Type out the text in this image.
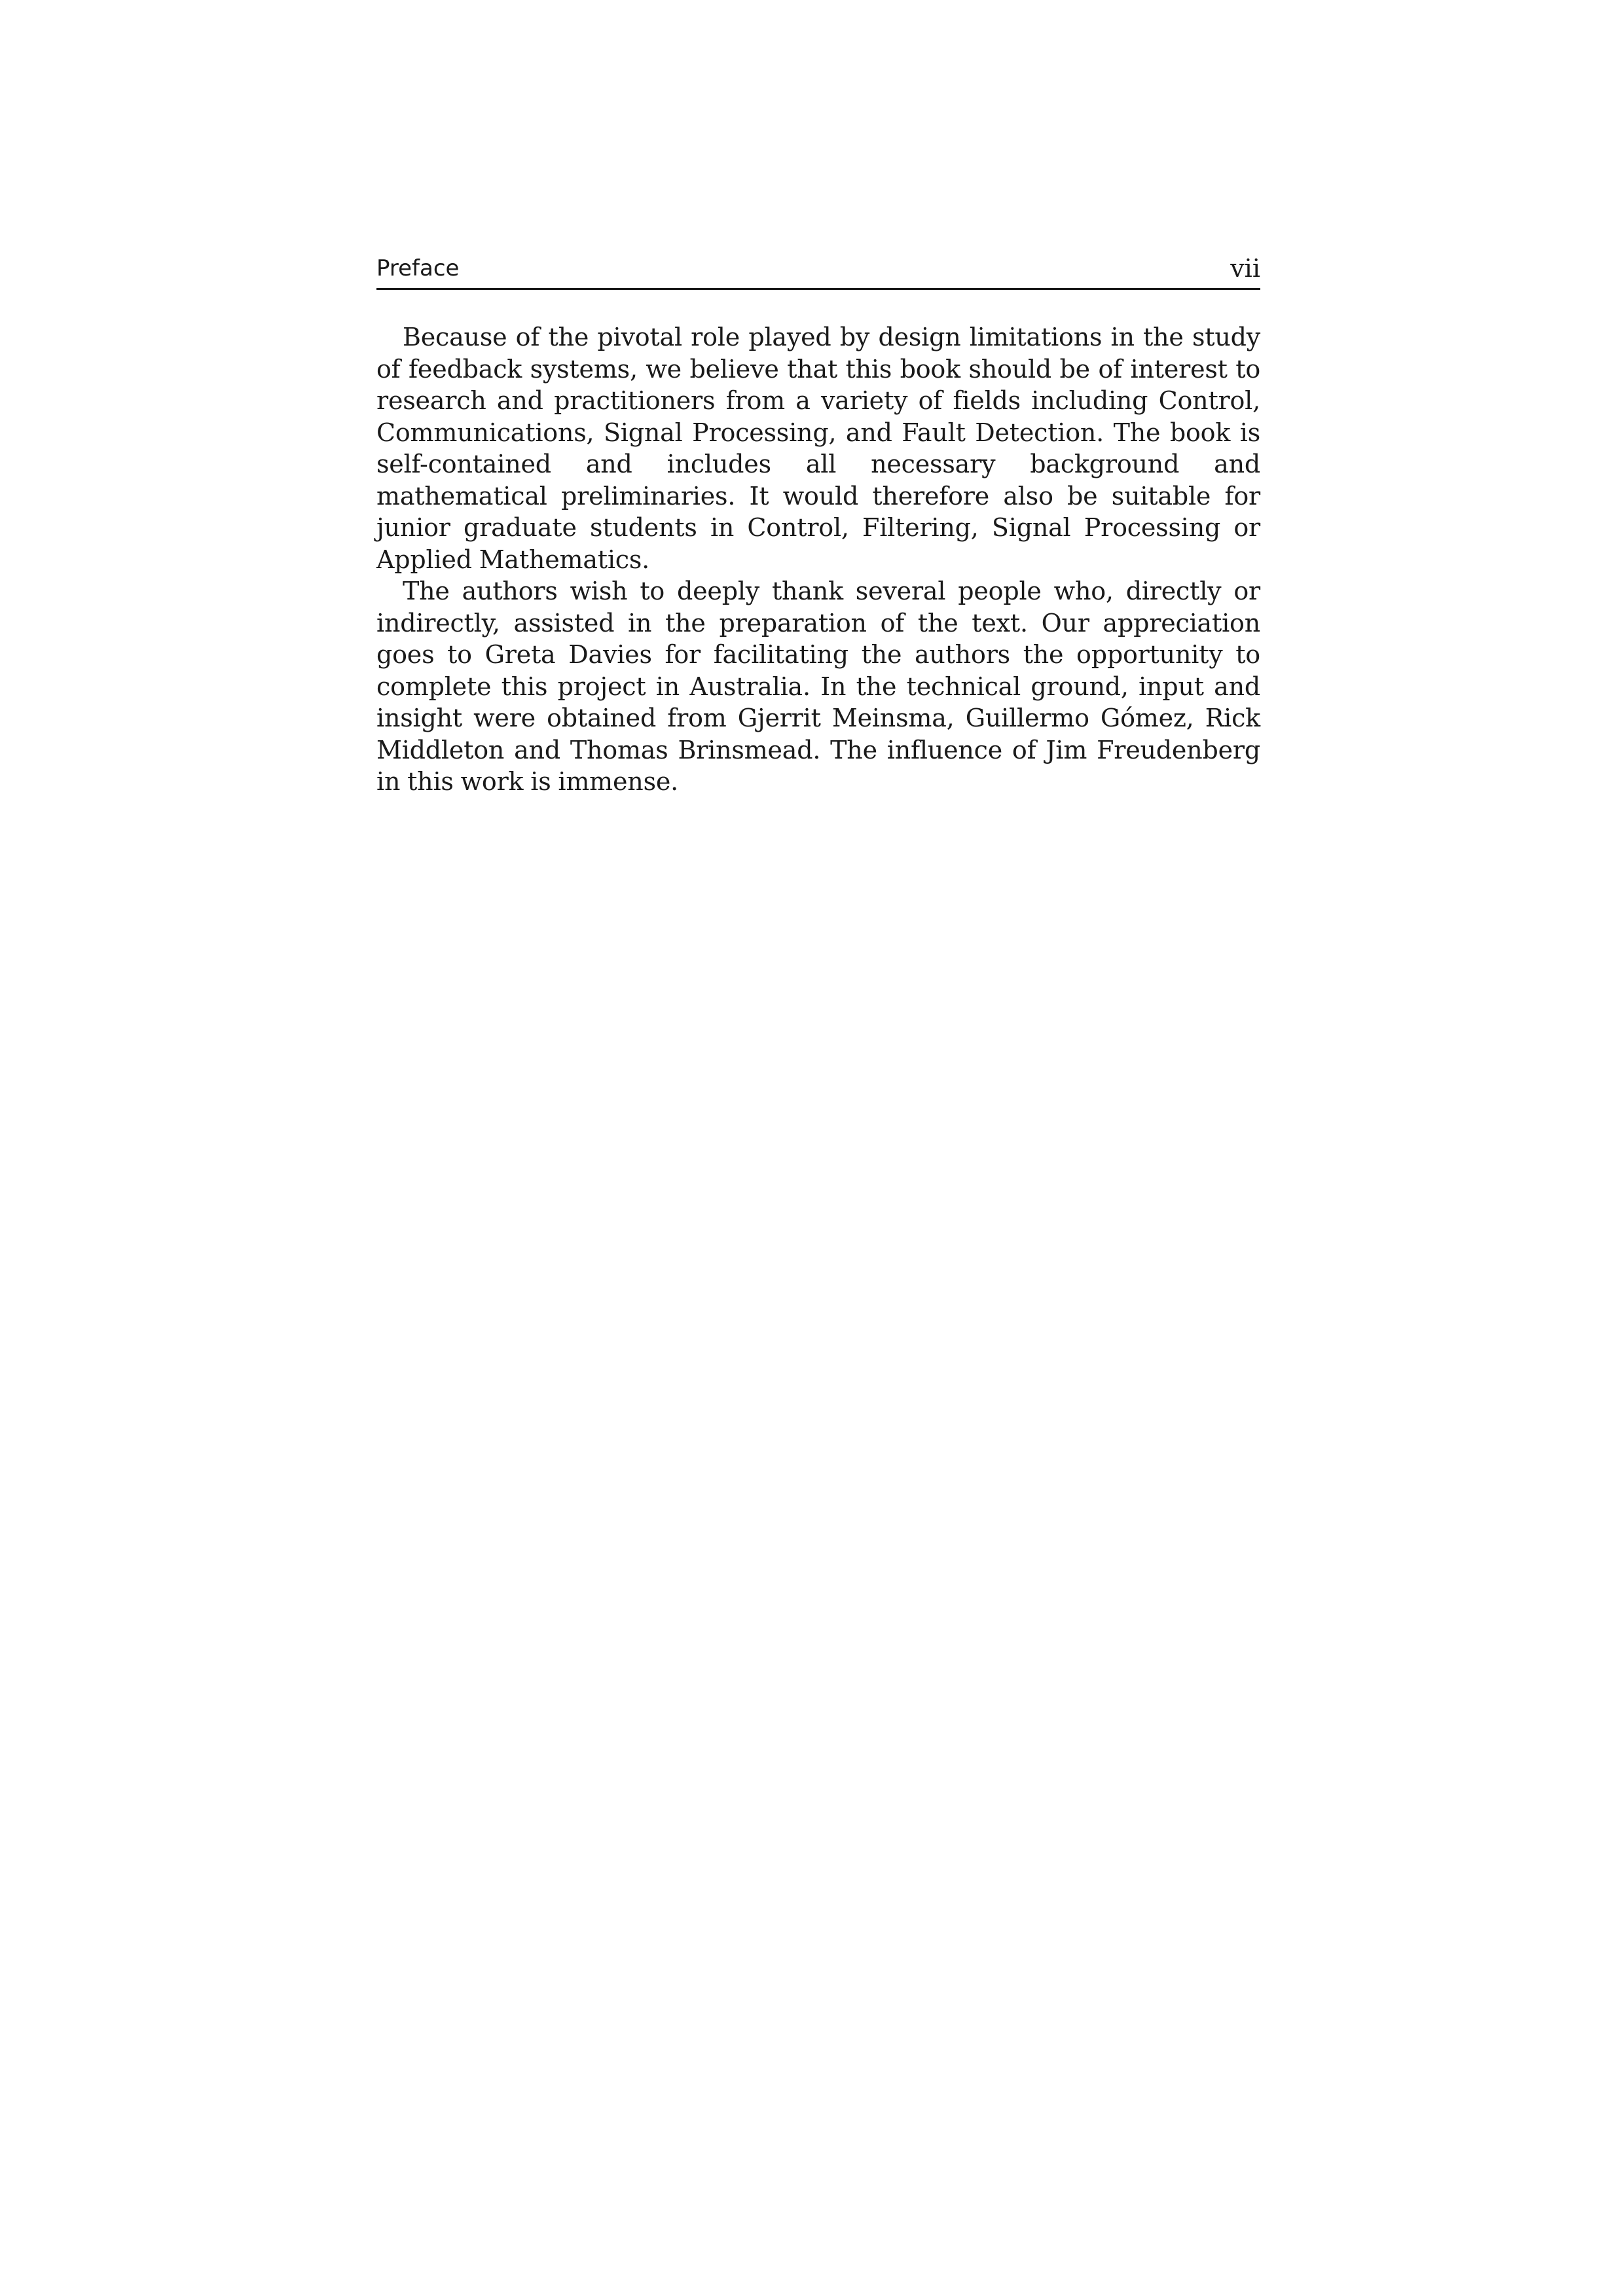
Preface	vii

Because of the pivotal role played by design limitations in the study of feedback systems, we believe that this book should be of interest to research and practitioners from a variety of fields including Control, Communications, Signal Processing, and Fault Detection. The book is self-contained and includes all necessary background and mathematical preliminaries. It would therefore also be suitable for junior graduate students in Control, Filtering, Signal Processing or Applied Mathematics.

The authors wish to deeply thank several people who, directly or indirectly, assisted in the preparation of the text. Our appreciation goes to Greta Davies for facilitating the authors the opportunity to complete this project in Australia. In the technical ground, input and insight were obtained from Gjerrit Meinsma, Guillermo Gómez, Rick Middleton and Thomas Brinsmead. The influence of Jim Freudenberg in this work is immense.
